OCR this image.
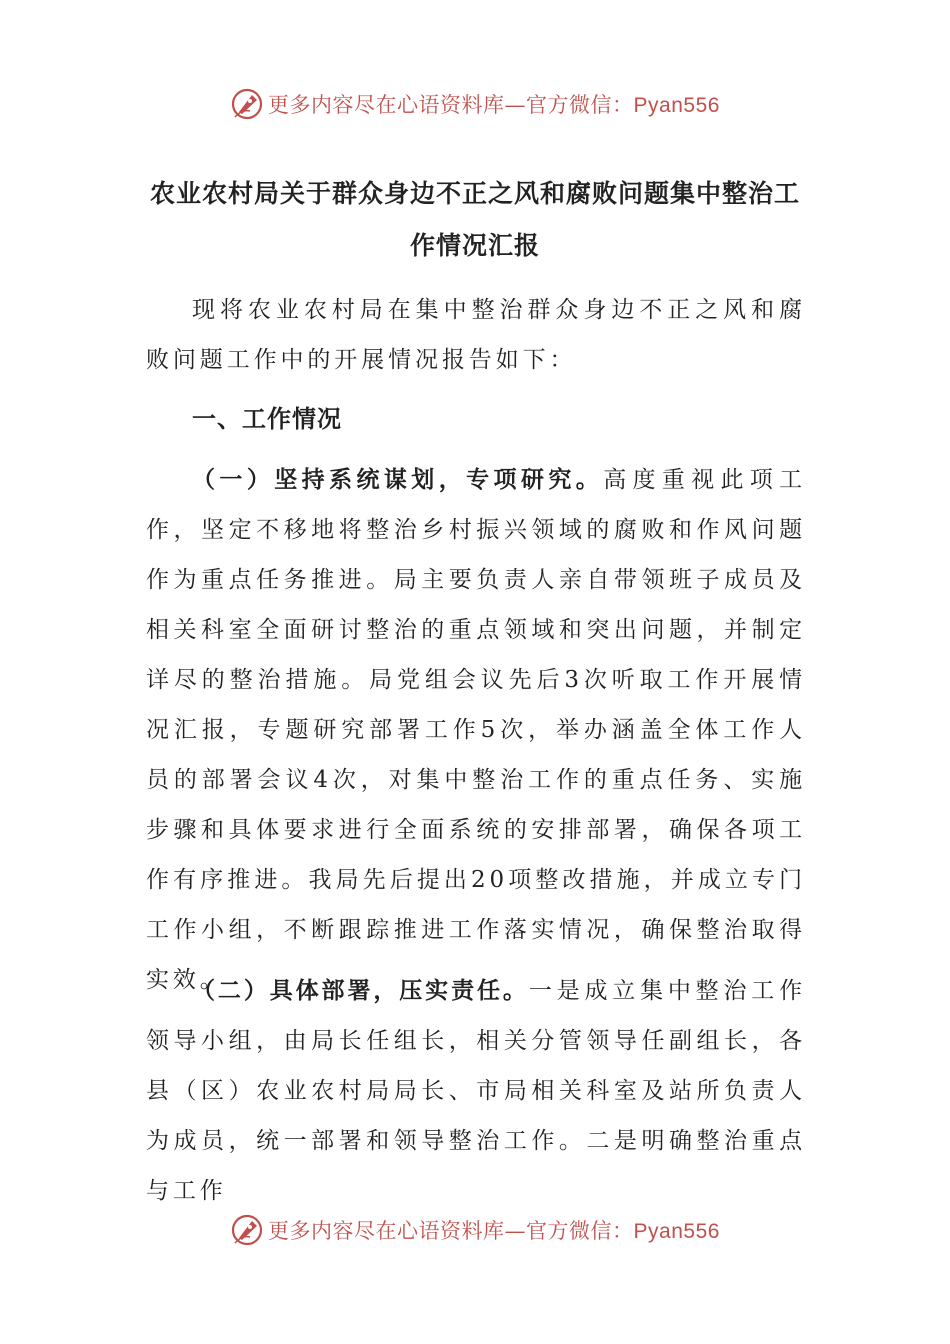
更多内容尽在心语资料库—官方微信：Pyan556
农业农村局关于群众身边不正之风和腐败问题集中整治工作情况汇报

现将农业农村局在集中整治群众身边不正之风和腐败问题工作中的开展情况报告如下：

一、工作情况

（一）坚持系统谋划，专项研究。高度重视此项工作，坚定不移地将整治乡村振兴领域的腐败和作风问题作为重点任务推进。局主要负责人亲自带领班子成员及相关科室全面研讨整治的重点领域和突出问题，并制定详尽的整治措施。局党组会议先后3次听取工作开展情况汇报，专题研究部署工作5次，举办涵盖全体工作人员的部署会议4次，对集中整治工作的重点任务、实施步骤和具体要求进行全面系统的安排部署，确保各项工作有序推进。我局先后提出20项整改措施，并成立专门工作小组，不断跟踪推进工作落实情况，确保整治取得实效。

（二）具体部署，压实责任。一是成立集中整治工作领导小组，由局长任组长，相关分管领导任副组长，各县（区）农业农村局局长、市局相关科室及站所负责人为成员，统一部署和领导整治工作。二是明确整治重点与工作

更多内容尽在心语资料库—官方微信：Pyan556
